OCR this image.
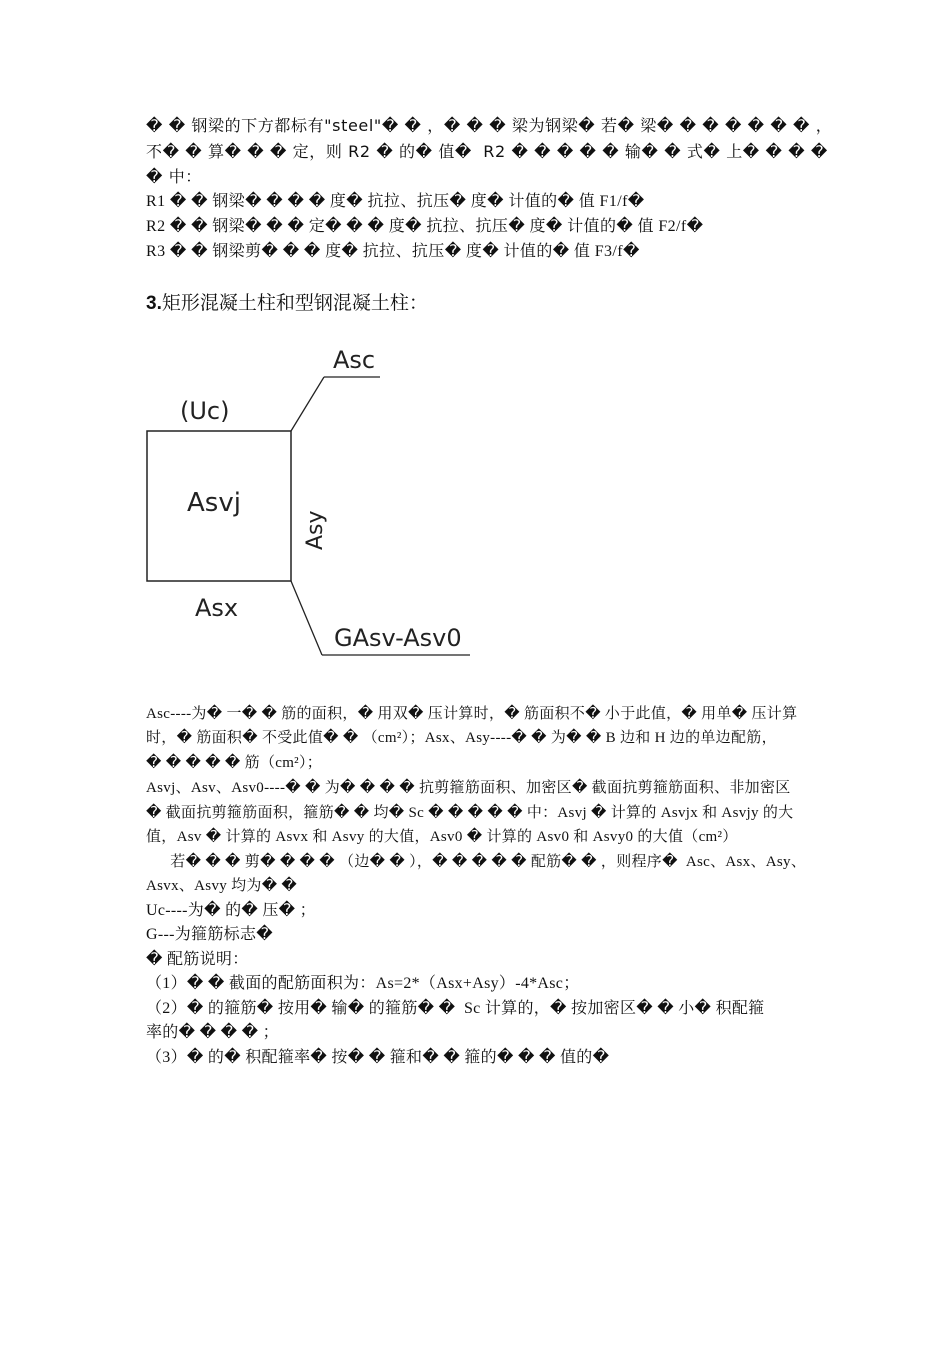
� � 钢梁的下方都标有"steel"� � ，� � � 梁为钢梁� 若� 梁� � � � � � � ，
不� � 算� � � 定，则 R2 � 的� 值�  R2 � � � � � 输� � 式� 上� � � �
� 中：
R1 � � 钢梁� � � � 度� 抗拉、抗压� 度� 计值的� 值 F1/f�
R2 � � 钢梁� � � 定� � � 度� 抗拉、抗压� 度� 计值的� 值 F2/f�
R3 � � 钢梁剪� � � 度� 抗拉、抗压� 度� 计值的� 值 F3/f�
3.矩形混凝土柱和型钢混凝土柱：
Asc
(Uc)
Asvj
Asy
Asx
GAsv-Asv0
Asc----为� 一� � 筋的面积，� 用双� 压计算时，� 筋面积不� 小于此值，� 用单� 压计算
时，� 筋面积� 不受此值� � （cm²）；Asx、Asy----� � 为� � B 边和 H 边的单边配筋，
� � � � � 筋（cm²）；
Asvj、Asv、Asv0----� � 为� � � � 抗剪箍筋面积、加密区� 截面抗剪箍筋面积、非加密区
� 截面抗剪箍筋面积，箍筋� � 均� Sc � � � � � 中：Asvj � 计算的 Asvjx 和 Asvjy 的大
值，Asv � 计算的 Asvx 和 Asvy 的大值，Asv0 � 计算的 Asv0 和 Asvy0 的大值（cm²）
若� � � 剪� � � � （边� � ），� � � � � 配筋� � ，则程序�  Asc、Asx、Asy、
Asvx、Asvy 均为� �
Uc----为� 的� 压� ；
G---为箍筋标志�
� 配筋说明：
（1）� � 截面的配筋面积为：As=2*（Asx+Asy）-4*Asc；
（2）� 的箍筋� 按用� 输� 的箍筋� �  Sc 计算的，� 按加密区� � 小� 积配箍
率的� � � � ；
（3）� 的� 积配箍率� 按� � 箍和� � 箍的� � � 值的�
